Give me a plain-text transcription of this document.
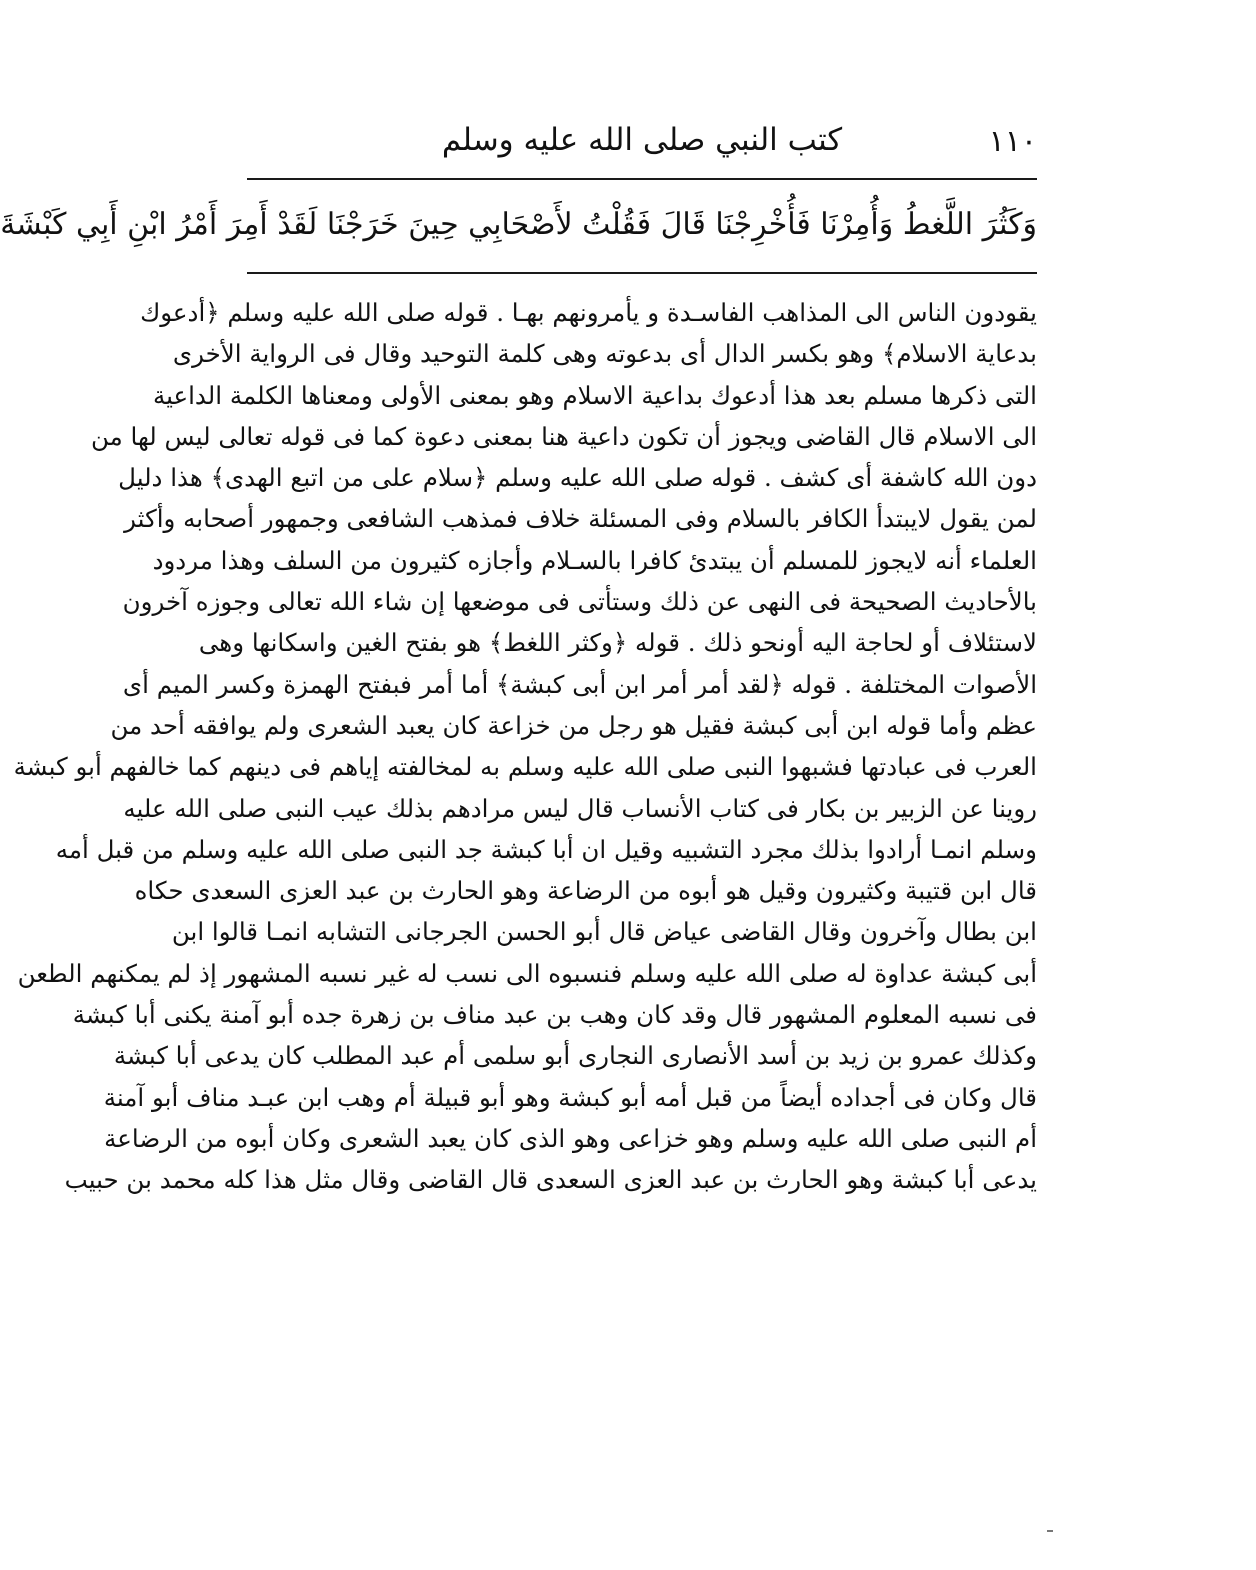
١١٠
كتب النبي صلى الله عليه وسلم
وَكَثُرَ اللَّغطُ وَأُمِرْنَا فَأُخْرِجْنَا قَالَ فَقُلْتُ لأَصْحَابِي حِينَ خَرَجْنَا لَقَدْ أَمِرَ أَمْرُ ابْنِ أَبِي كَبْشَةَ
يقودون الناس الى المذاهب الفاسـدة و يأمرونهم بهـا . قوله صلى الله عليه وسلم ﴿أدعوك
بدعاية الاسلام﴾ وهو بكسر الدال أى بدعوته وهى كلمة التوحيد وقال فى الرواية الأخرى
التى ذكرها مسلم بعد هذا أدعوك بداعية الاسلام وهو بمعنى الأولى ومعناها الكلمة الداعية
الى الاسلام قال القاضى ويجوز أن تكون داعية هنا بمعنى دعوة كما فى قوله تعالى ليس لها من
دون الله كاشفة أى كشف . قوله صلى الله عليه وسلم ﴿سلام على من اتبع الهدى﴾ هذا دليل
لمن يقول لايبتدأ الكافر بالسلام وفى المسئلة خلاف فمذهب الشافعى وجمهور أصحابه وأكثر
العلماء أنه لايجوز للمسلم أن يبتدئ كافرا بالسـلام وأجازه كثيرون من السلف وهذا مردود
بالأحاديث الصحيحة فى النهى عن ذلك وستأتى فى موضعها إن شاء الله تعالى وجوزه آخرون
لاستئلاف أو لحاجة اليه أونحو ذلك . قوله ﴿وكثر اللغط﴾ هو بفتح الغين واسكانها وهى
الأصوات المختلفة . قوله ﴿لقد أمر أمر ابن أبى كبشة﴾ أما أمر فبفتح الهمزة وكسر الميم أى
عظم وأما قوله ابن أبى كبشة فقيل هو رجل من خزاعة كان يعبد الشعرى ولم يوافقه أحد من
العرب فى عبادتها فشبهوا النبى صلى الله عليه وسلم به لمخالفته إياهم فى دينهم كما خالفهم أبو كبشة
روينا عن الزبير بن بكار فى كتاب الأنساب قال ليس مرادهم بذلك عيب النبى صلى الله عليه
وسلم انمـا أرادوا بذلك مجرد التشبيه وقيل ان أبا كبشة جد النبى صلى الله عليه وسلم من قبل أمه
قال ابن قتيبة وكثيرون وقيل هو أبوه من الرضاعة وهو الحارث بن عبد العزى السعدى حكاه
ابن بطال وآخرون وقال القاضى عياض قال أبو الحسن الجرجانى التشابه انمـا قالوا ابن
أبى كبشة عداوة له صلى الله عليه وسلم فنسبوه الى نسب له غير نسبه المشهور إذ لم يمكنهم الطعن
فى نسبه المعلوم المشهور قال وقد كان وهب بن عبد مناف بن زهرة جده أبو آمنة يكنى أبا كبشة
وكذلك عمرو بن زيد بن أسد الأنصارى النجارى أبو سلمى أم عبد المطلب كان يدعى أبا كبشة
قال وكان فى أجداده أيضاً من قبل أمه أبو كبشة وهو أبو قبيلة أم وهب ابن عبـد مناف أبو آمنة
أم النبى صلى الله عليه وسلم وهو خزاعى وهو الذى كان يعبد الشعرى وكان أبوه من الرضاعة
يدعى أبا كبشة وهو الحارث بن عبد العزى السعدى قال القاضى وقال مثل هذا كله محمد بن حبيب
